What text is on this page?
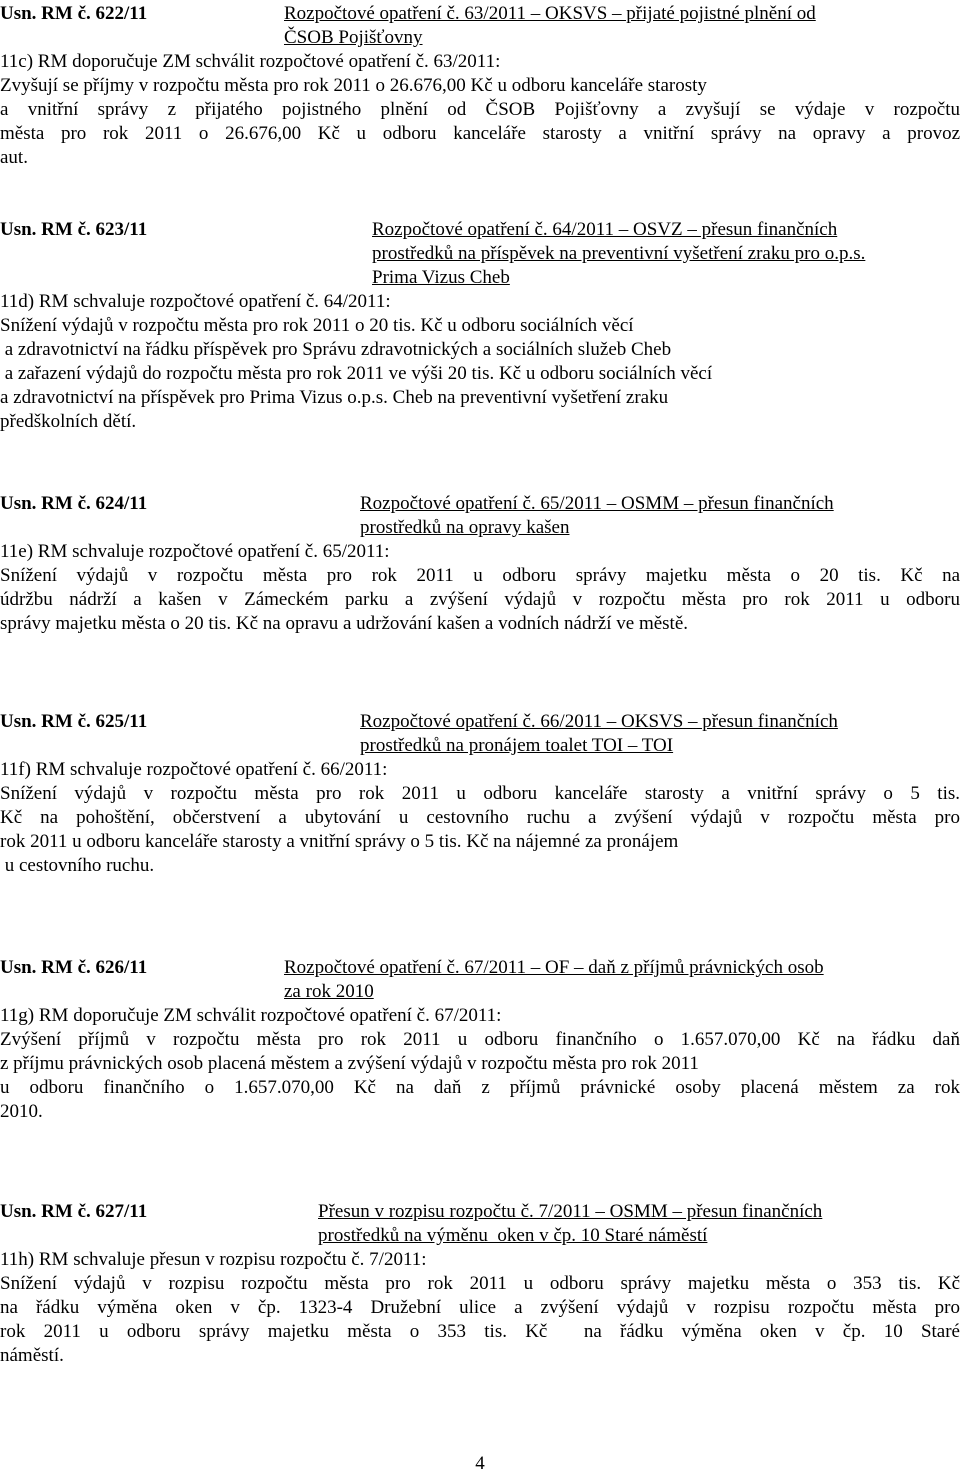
Usn. RM č. 622/11	Rozpočtové opatření č. 63/2011 – OKSVS – přijaté pojistné plnění od
ČSOB Pojišťovny
11c) RM doporučuje ZM schválit rozpočtové opatření č. 63/2011:
Zvyšují se příjmy v rozpočtu města pro rok 2011 o 26.676,00 Kč u odboru kanceláře starosty
a vnitřní správy z přijatého pojistného plnění od ČSOB Pojišťovny a zvyšují se výdaje v rozpočtu
města pro rok 2011 o 26.676,00 Kč u odboru kanceláře starosty a vnitřní správy na opravy a provoz
aut.
Usn. RM č. 623/11	Rozpočtové opatření č. 64/2011 – OSVZ – přesun finančních
prostředků na příspěvek na preventivní vyšetření zraku pro o.p.s.
Prima Vizus Cheb
11d) RM schvaluje rozpočtové opatření č. 64/2011:
Snížení výdajů v rozpočtu města pro rok 2011 o 20 tis. Kč u odboru sociálních věcí
a zdravotnictví na řádku příspěvek pro Správu zdravotnických a sociálních služeb Cheb
a zařazení výdajů do rozpočtu města pro rok 2011 ve výši 20 tis. Kč u odboru sociálních věcí
a zdravotnictví na příspěvek pro Prima Vizus o.p.s. Cheb na preventivní vyšetření zraku
předškolních dětí.
Usn. RM č. 624/11	Rozpočtové opatření č. 65/2011 – OSMM – přesun finančních
prostředků na opravy kašen
11e) RM schvaluje rozpočtové opatření č. 65/2011:
Snížení výdajů v rozpočtu města pro rok 2011 u odboru správy majetku města o 20 tis. Kč na
údržbu nádrží a kašen v Zámeckém parku a zvýšení výdajů v rozpočtu města pro rok 2011 u odboru
správy majetku města o 20 tis. Kč na opravu a udržování kašen a vodních nádrží ve městě.
Usn. RM č. 625/11	Rozpočtové opatření č. 66/2011 – OKSVS – přesun finančních
prostředků na pronájem toalet TOI – TOI
11f) RM schvaluje rozpočtové opatření č. 66/2011:
Snížení výdajů v rozpočtu města pro rok 2011 u odboru kanceláře starosty a vnitřní správy o 5 tis.
Kč na pohoštění, občerstvení a ubytování u cestovního ruchu a zvýšení výdajů v rozpočtu města pro
rok 2011 u odboru kanceláře starosty a vnitřní správy o 5 tis. Kč na nájemné za pronájem
u cestovního ruchu.
Usn. RM č. 626/11	Rozpočtové opatření č. 67/2011 – OF – daň z příjmů právnických osob
za rok 2010
11g) RM doporučuje ZM schválit rozpočtové opatření č. 67/2011:
Zvýšení příjmů v rozpočtu města pro rok 2011 u odboru finančního o 1.657.070,00 Kč na řádku daň
z příjmu právnických osob placená městem a zvýšení výdajů v rozpočtu města pro rok 2011
u odboru finančního o 1.657.070,00 Kč na daň z příjmů právnické osoby placená městem za rok
2010.
Usn. RM č. 627/11	Přesun v rozpisu rozpočtu č. 7/2011 – OSMM – přesun finančních
prostředků na výměnu  oken v čp. 10 Staré náměstí
11h) RM schvaluje přesun v rozpisu rozpočtu č. 7/2011:
Snížení výdajů v rozpisu rozpočtu města pro rok 2011 u odboru správy majetku města o 353 tis. Kč
na řádku výměna oken v čp. 1323-4 Družební ulice a zvýšení výdajů v rozpisu rozpočtu města pro
rok 2011 u odboru správy majetku města o 353 tis. Kč  na řádku výměna oken v čp. 10 Staré
náměstí.
4
